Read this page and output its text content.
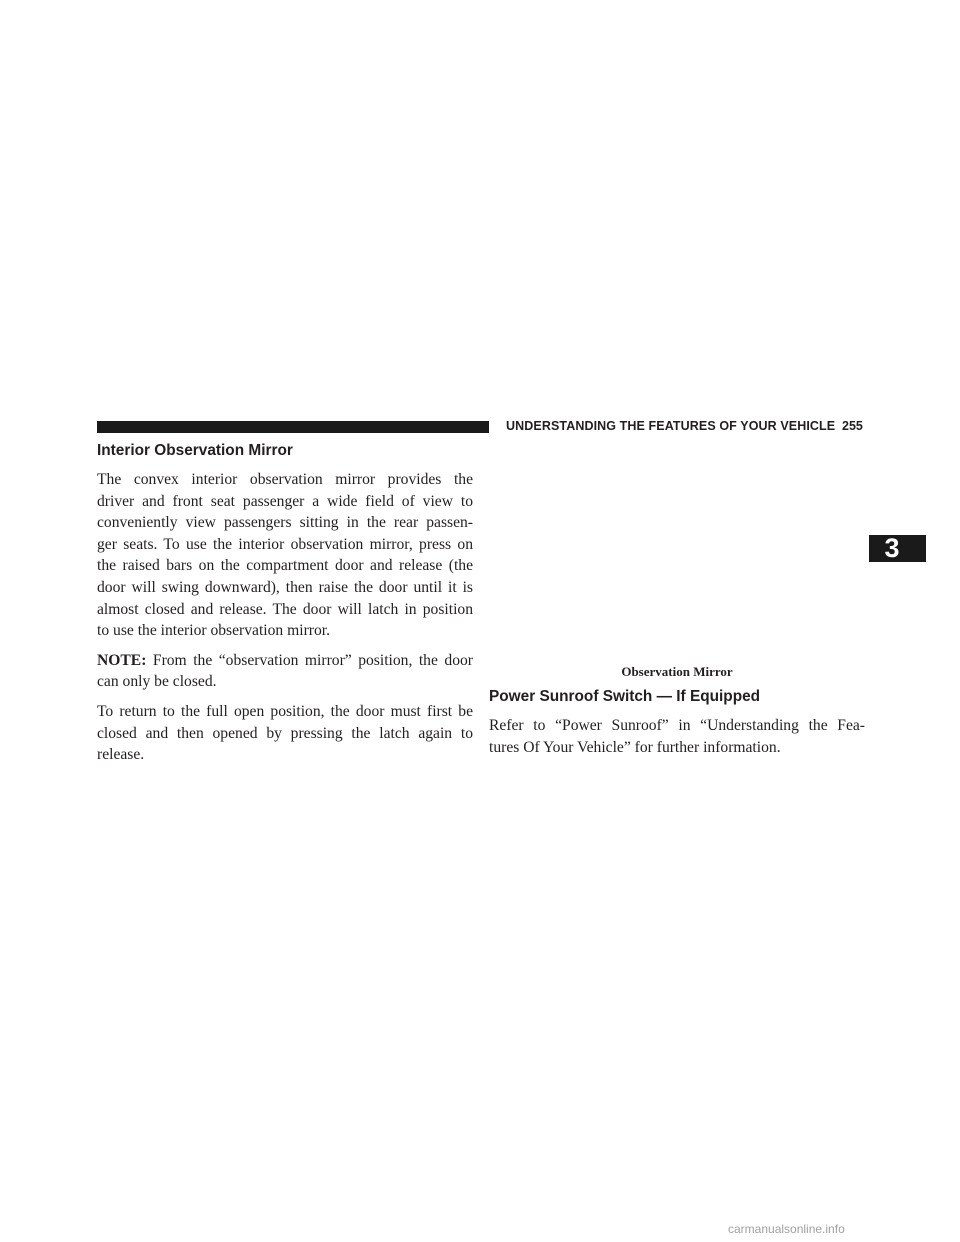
UNDERSTANDING THE FEATURES OF YOUR VEHICLE 255
3
Interior Observation Mirror
The convex interior observation mirror provides the
driver and front seat passenger a wide field of view to
conveniently view passengers sitting in the rear passen-
ger seats. To use the interior observation mirror, press on
the raised bars on the compartment door and release (the
door will swing downward), then raise the door until it is
almost closed and release. The door will latch in position
to use the interior observation mirror.
NOTE: From the “observation mirror” position, the door
can only be closed.
To return to the full open position, the door must first be
closed and then opened by pressing the latch again to
release.
Observation Mirror
Power Sunroof Switch — If Equipped
Refer to “Power Sunroof” in “Understanding the Fea-
tures Of Your Vehicle” for further information.
carmanualsonline.info
